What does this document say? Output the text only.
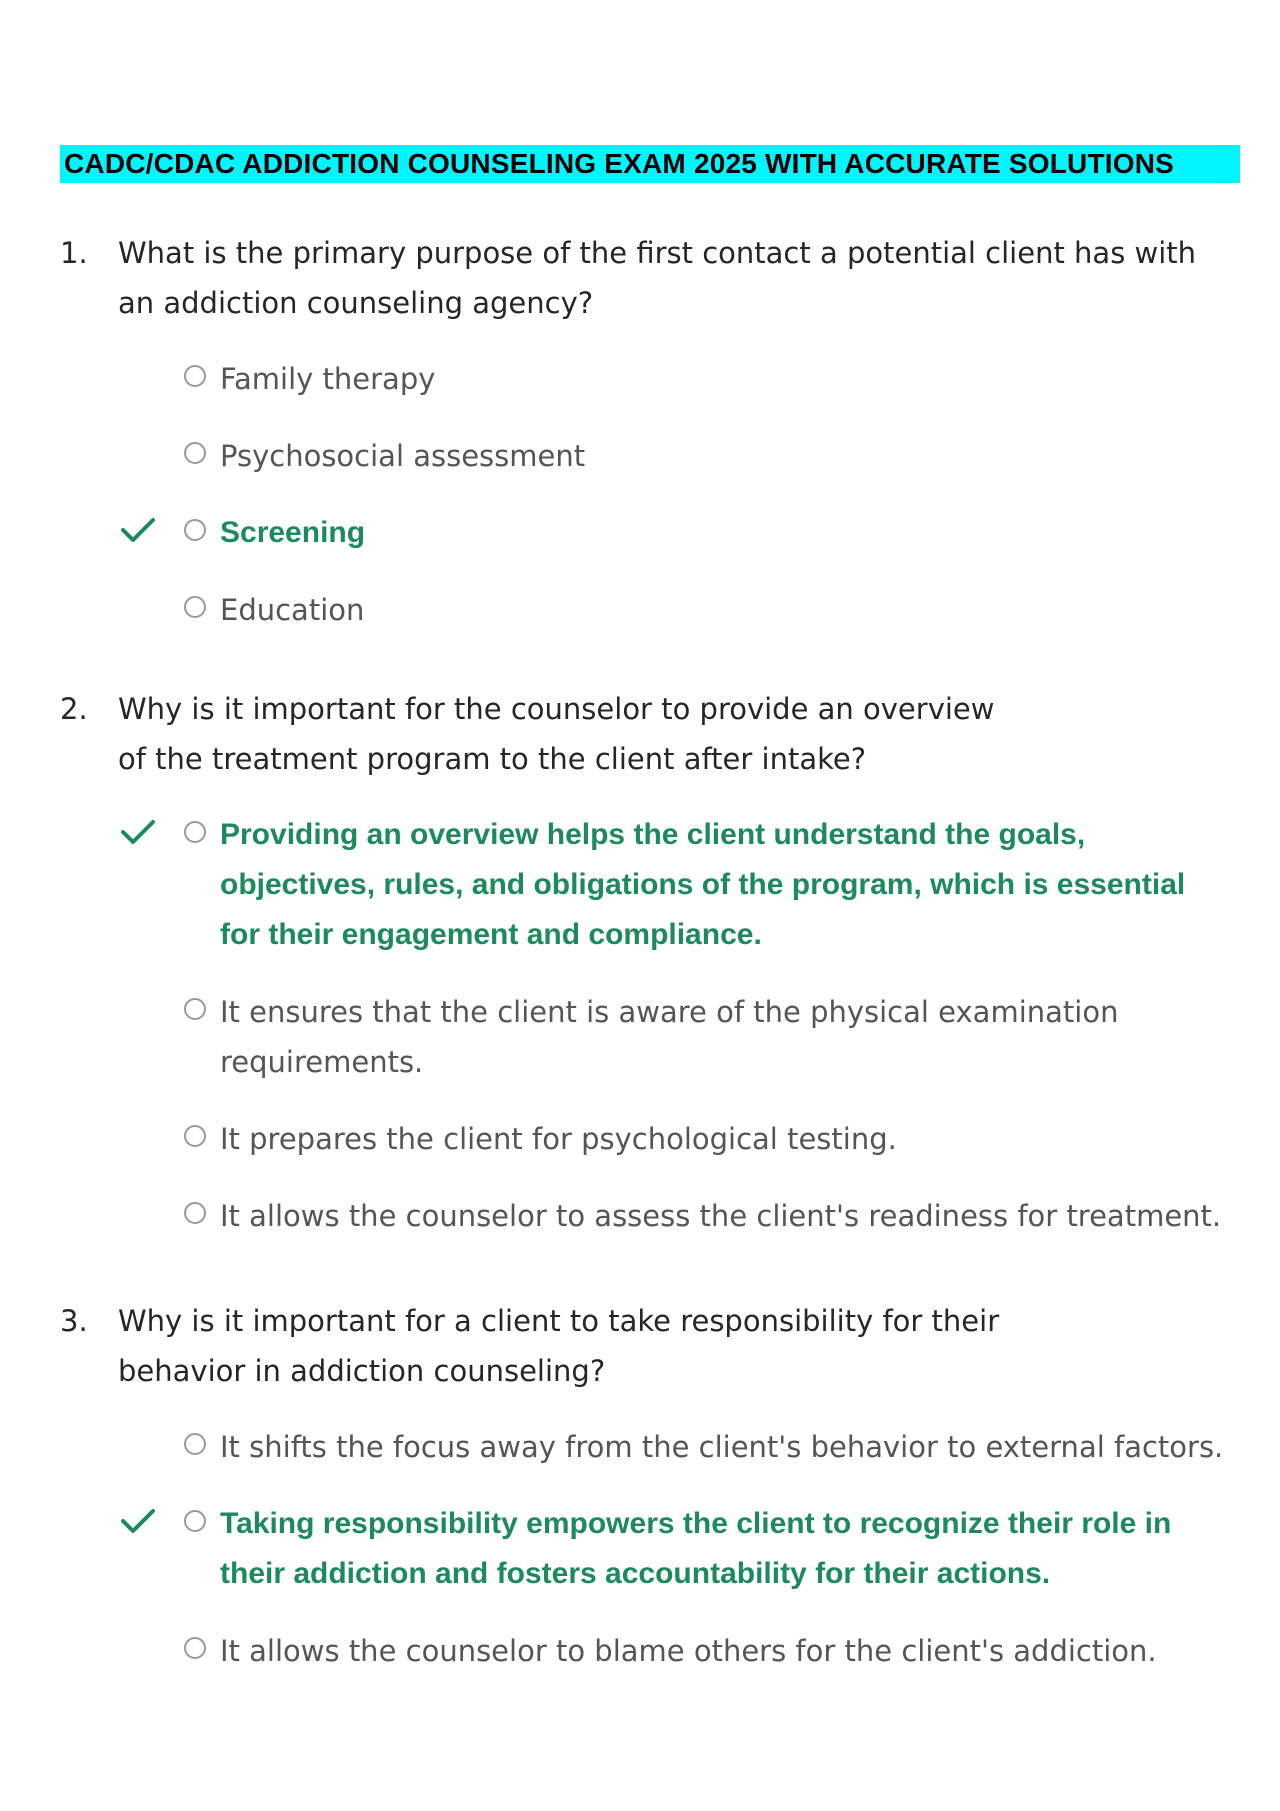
CADC/CDAC ADDICTION COUNSELING EXAM 2025 WITH ACCURATE SOLUTIONS
1.	What is the primary purpose of the first contact a potential client has with an addiction counseling agency?
Family therapy
Psychosocial assessment
Screening
Education
2.	Why is it important for the counselor to provide an overview of the treatment program to the client after intake?
Providing an overview helps the client understand the goals, objectives, rules, and obligations of the program, which is essential for their engagement and compliance.
It ensures that the client is aware of the physical examination requirements.
It prepares the client for psychological testing.
It allows the counselor to assess the client's readiness for treatment.
3.	Why is it important for a client to take responsibility for their behavior in addiction counseling?
It shifts the focus away from the client's behavior to external factors.
Taking responsibility empowers the client to recognize their role in their addiction and fosters accountability for their actions.
It allows the counselor to blame others for the client's addiction.
